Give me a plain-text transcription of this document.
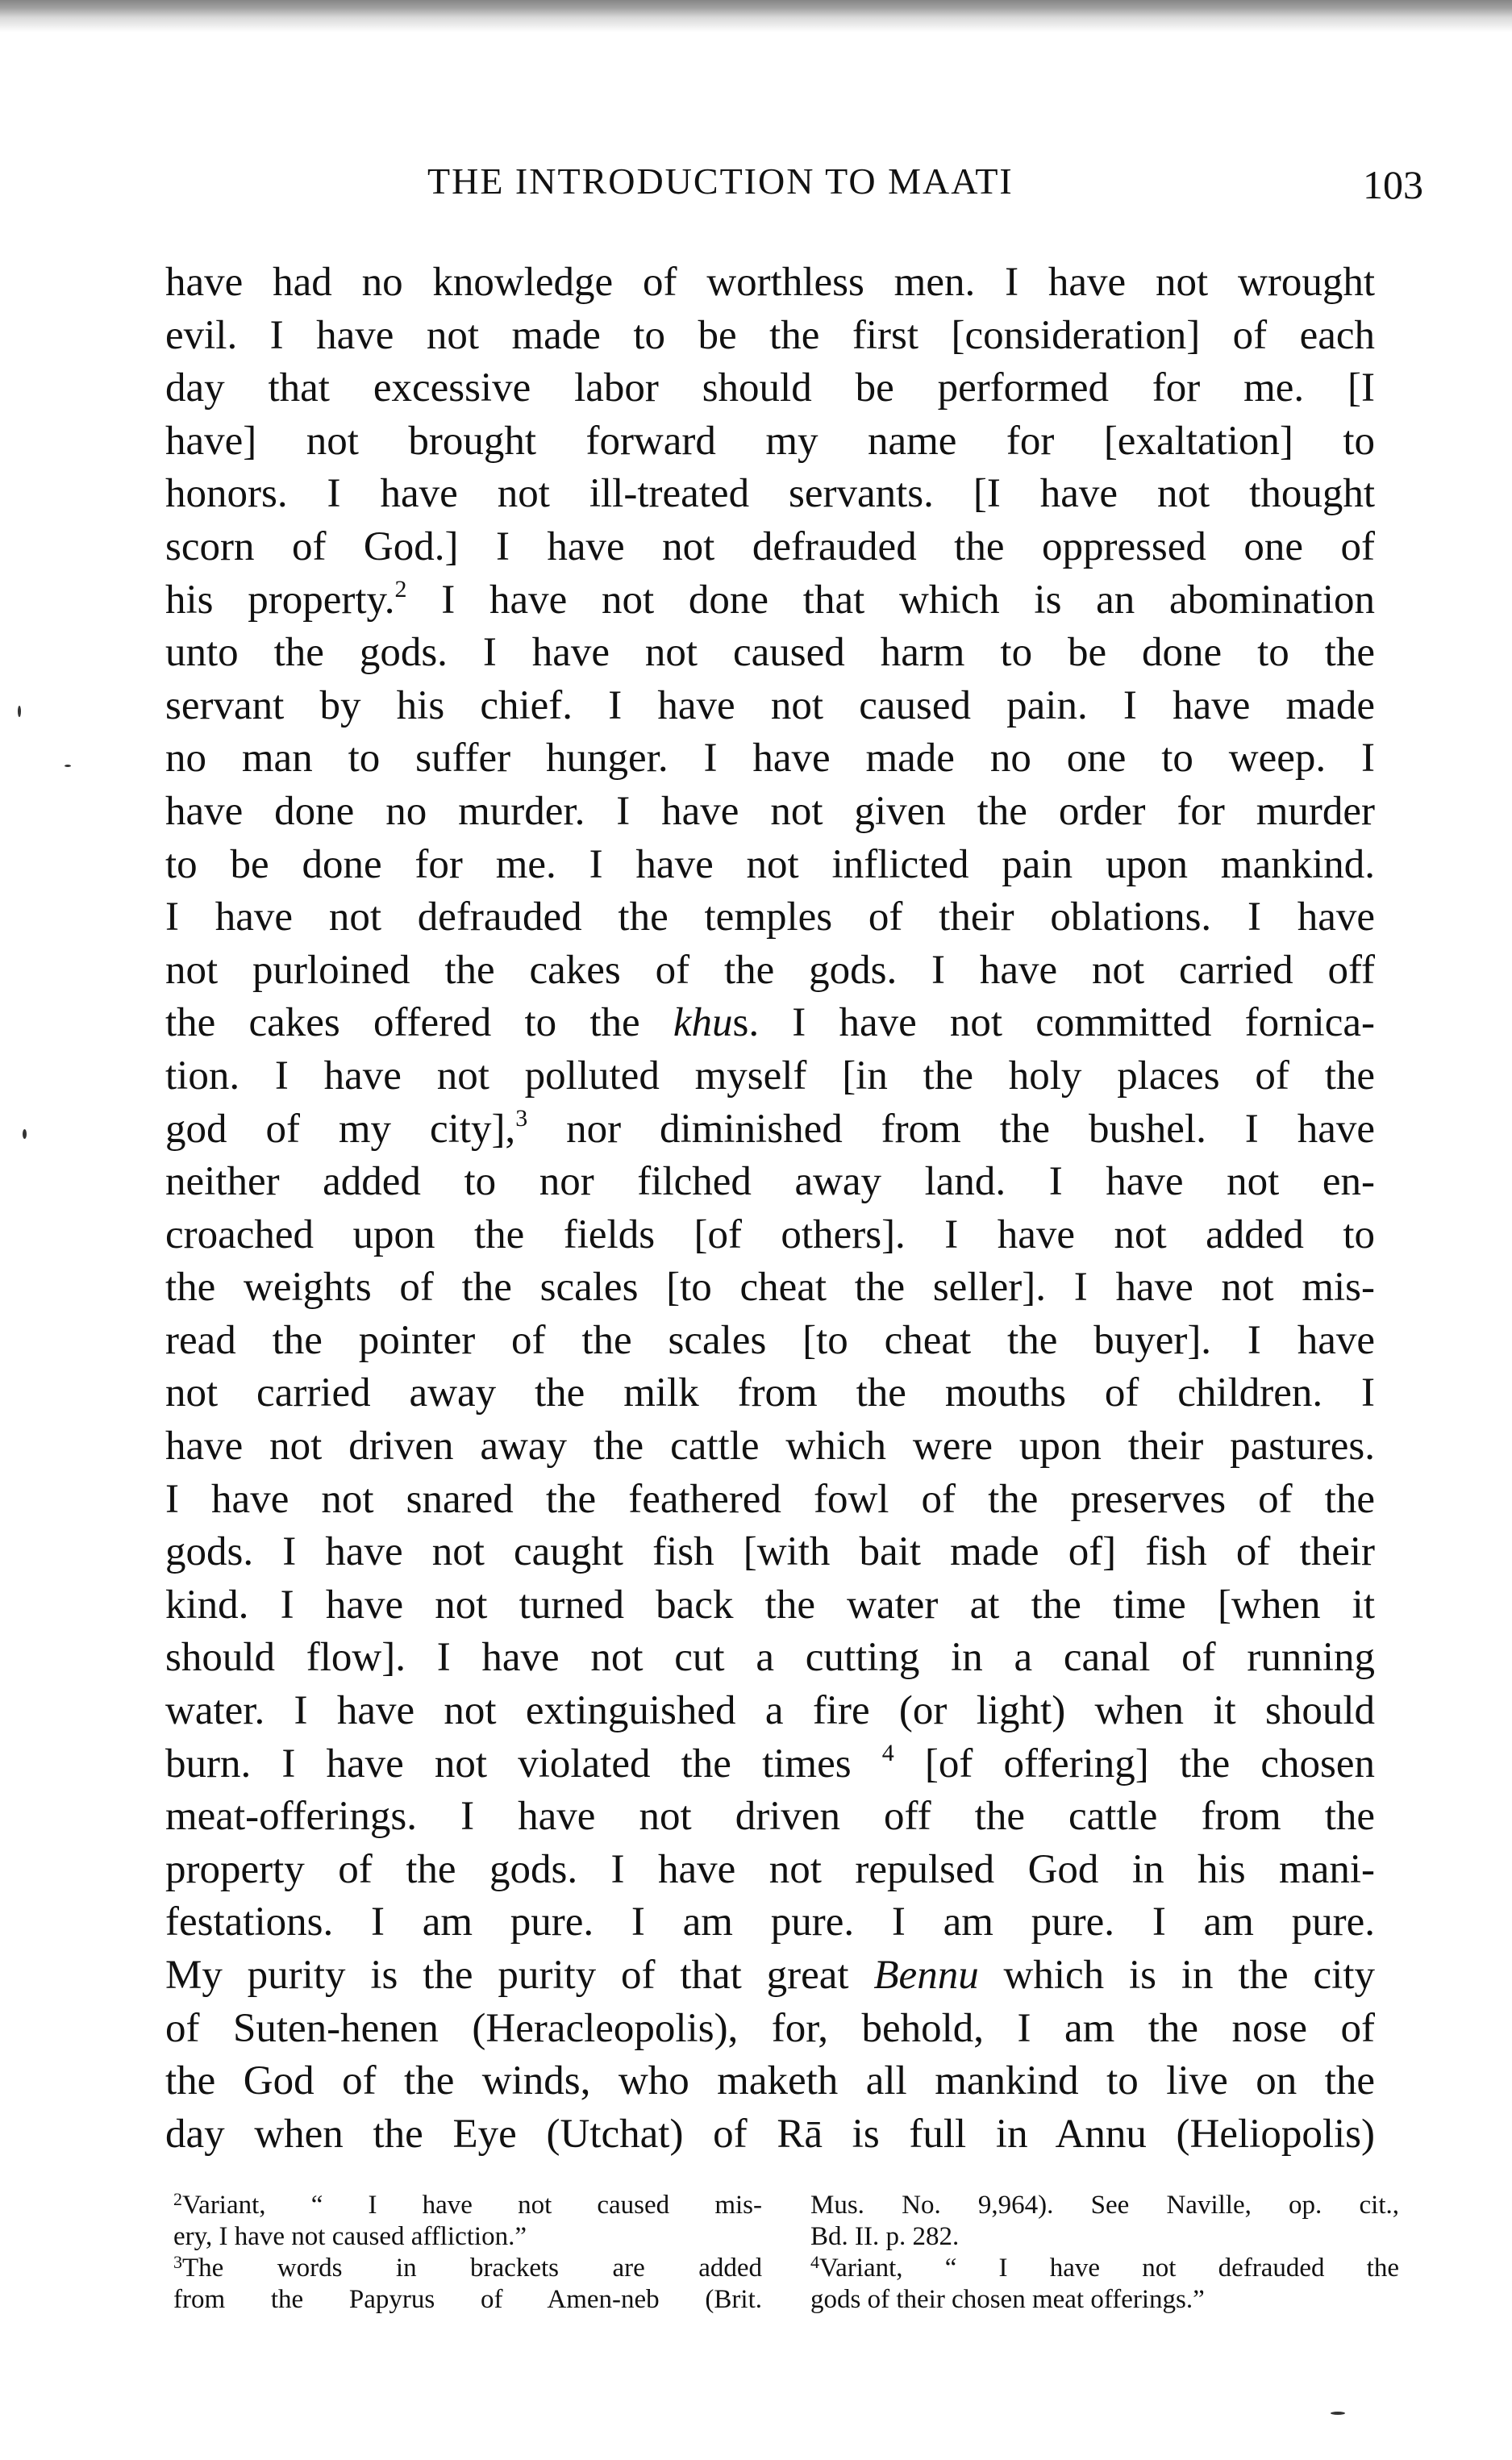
THE INTRODUCTION TO MAATI	103
have had no knowledge of worthless men. I have not wrought
evil. I have not made to be the first [consideration] of each
day that excessive labor should be performed for me. [I
have] not brought forward my name for [exaltation] to
honors. I have not ill-treated servants. [I have not thought
scorn of God.] I have not defrauded the oppressed one of
his property.$^2$ I have not done that which is an abomination
unto the gods. I have not caused harm to be done to the
servant by his chief. I have not caused pain. I have made
no man to suffer hunger. I have made no one to weep. I
have done no murder. I have not given the order for murder
to be done for me. I have not inflicted pain upon mankind.
I have not defrauded the temples of their oblations. I have
not purloined the cakes of the gods. I have not carried off
the cakes offered to the khus. I have not committed fornica-
tion. I have not polluted myself [in the holy places of the
god of my city],$^3$ nor diminished from the bushel. I have
neither added to nor filched away land. I have not en-
croached upon the fields [of others]. I have not added to
the weights of the scales [to cheat the seller]. I have not mis-
read the pointer of the scales [to cheat the buyer]. I have
not carried away the milk from the mouths of children. I
have not driven away the cattle which were upon their pastures.
I have not snared the feathered fowl of the preserves of the
gods. I have not caught fish [with bait made of] fish of their
kind. I have not turned back the water at the time [when it
should flow]. I have not cut a cutting in a canal of running
water. I have not extinguished a fire (or light) when it should
burn. I have not violated the times $^4$ [of offering] the chosen
meat-offerings. I have not driven off the cattle from the
property of the gods. I have not repulsed God in his mani-
festations. I am pure. I am pure. I am pure. I am pure.
My purity is the purity of that great Bennu which is in the city
of Suten-henen (Heracleopolis), for, behold, I am the nose of
the God of the winds, who maketh all mankind to live on the
day when the Eye (Utchat) of Rā is full in Annu (Heliopolis)
$^2$Variant, “ I have not caused mis-
ery, I have not caused affliction.”
$^3$The words in brackets are added
from the Papyrus of Amen-neb (Brit.
Mus. No. 9,964). See Naville, op. cit.,
Bd. II. p. 282.
$^4$Variant, “ I have not defrauded the
gods of their chosen meat offerings.”
